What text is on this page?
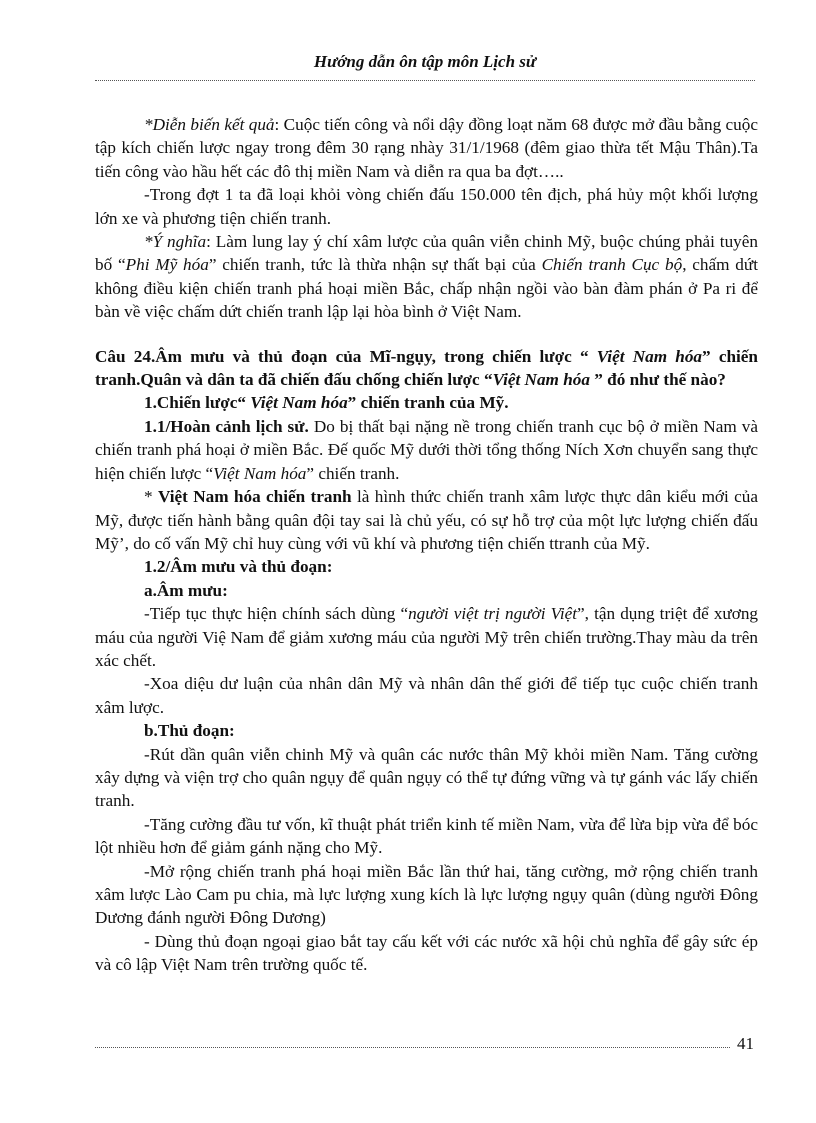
Hướng dẫn ôn tập môn Lịch sử

*Diễn biến kết quả: Cuộc tiến công và nổi dậy đồng loạt năm 68 được mở đầu bằng cuộc tập kích chiến lược ngay trong đêm 30 rạng nhày 31/1/1968 (đêm giao thừa tết Mậu Thân).Ta tiến công vào hầu hết các đô thị miền Nam và diễn ra qua ba đợt…..

-Trong đợt 1 ta đã loại khỏi vòng chiến đấu 150.000 tên địch, phá hủy một khối lượng lớn xe và phương tiện chiến tranh.

*Ý nghĩa: Làm lung lay ý chí xâm lược của quân viễn chinh Mỹ, buộc chúng phải tuyên bố “Phi Mỹ hóa” chiến tranh, tức là thừa nhận sự thất bại của Chiến tranh Cục bộ, chấm dứt không điều kiện chiến tranh phá hoại miền Bắc, chấp nhận ngồi vào bàn đàm phán ở Pa ri để bàn về việc chấm dứt chiến tranh lập lại hòa bình ở Việt Nam.

Câu 24.Âm mưu và thủ đoạn của Mĩ-ngụy, trong chiến lược “ Việt Nam hóa” chiến tranh.Quân và dân ta đã chiến đấu chống chiến lược “Việt Nam hóa ” đó như thế nào?

1.Chiến lược“ Việt Nam hóa” chiến tranh của Mỹ.

1.1/Hoàn cảnh lịch sử. Do bị thất bại nặng nề trong chiến tranh cục bộ ở miền Nam và chiến tranh phá hoại ở miền Bắc. Đế quốc Mỹ dưới thời tổng thống Ních Xơn chuyển sang thực hiện chiến lược “Việt Nam hóa” chiến tranh.

* Việt Nam hóa chiến tranh là hình thức chiến tranh xâm lược thực dân kiểu mới của Mỹ, được tiến hành bằng quân đội tay sai là chủ yếu, có sự hỗ trợ của một lực lượng chiến đấu Mỹ’, do cố vấn Mỹ chỉ huy cùng với vũ khí và phương tiện chiến ttranh của Mỹ.

1.2/Âm mưu và thủ đoạn:

a.Âm mưu:

-Tiếp tục thực hiện chính sách dùng “người việt trị người Việt”, tận dụng triệt để xương máu của người Việ Nam để giảm xương máu của người Mỹ trên chiến trường.Thay màu da trên xác chết.

-Xoa diệu dư luận của nhân dân Mỹ và nhân dân thế giới để tiếp tục cuộc chiến tranh xâm lược.

b.Thủ đoạn:

-Rút dần quân viễn chinh Mỹ và quân các nước thân Mỹ khỏi miền Nam. Tăng cường xây dựng và viện trợ cho quân ngụy để quân ngụy có thể tự đứng vững và tự gánh vác lấy chiến tranh.

-Tăng cường đầu tư vốn, kĩ thuật phát triển kinh tế miền Nam, vừa để lừa bịp vừa để bóc lột nhiều hơn để giảm gánh nặng cho Mỹ.

-Mở rộng chiến tranh phá hoại miền Bắc lần thứ hai, tăng cường, mở rộng chiến tranh xâm lược Lào Cam pu chia, mà lực lượng xung kích là lực lượng ngụy quân (dùng người Đông Dương đánh người Đông Dương)

- Dùng thủ đoạn ngoại giao bắt tay cấu kết với các nước xã hội chủ nghĩa để gây sức ép và cô lập Việt Nam trên trường quốc tế.

41
